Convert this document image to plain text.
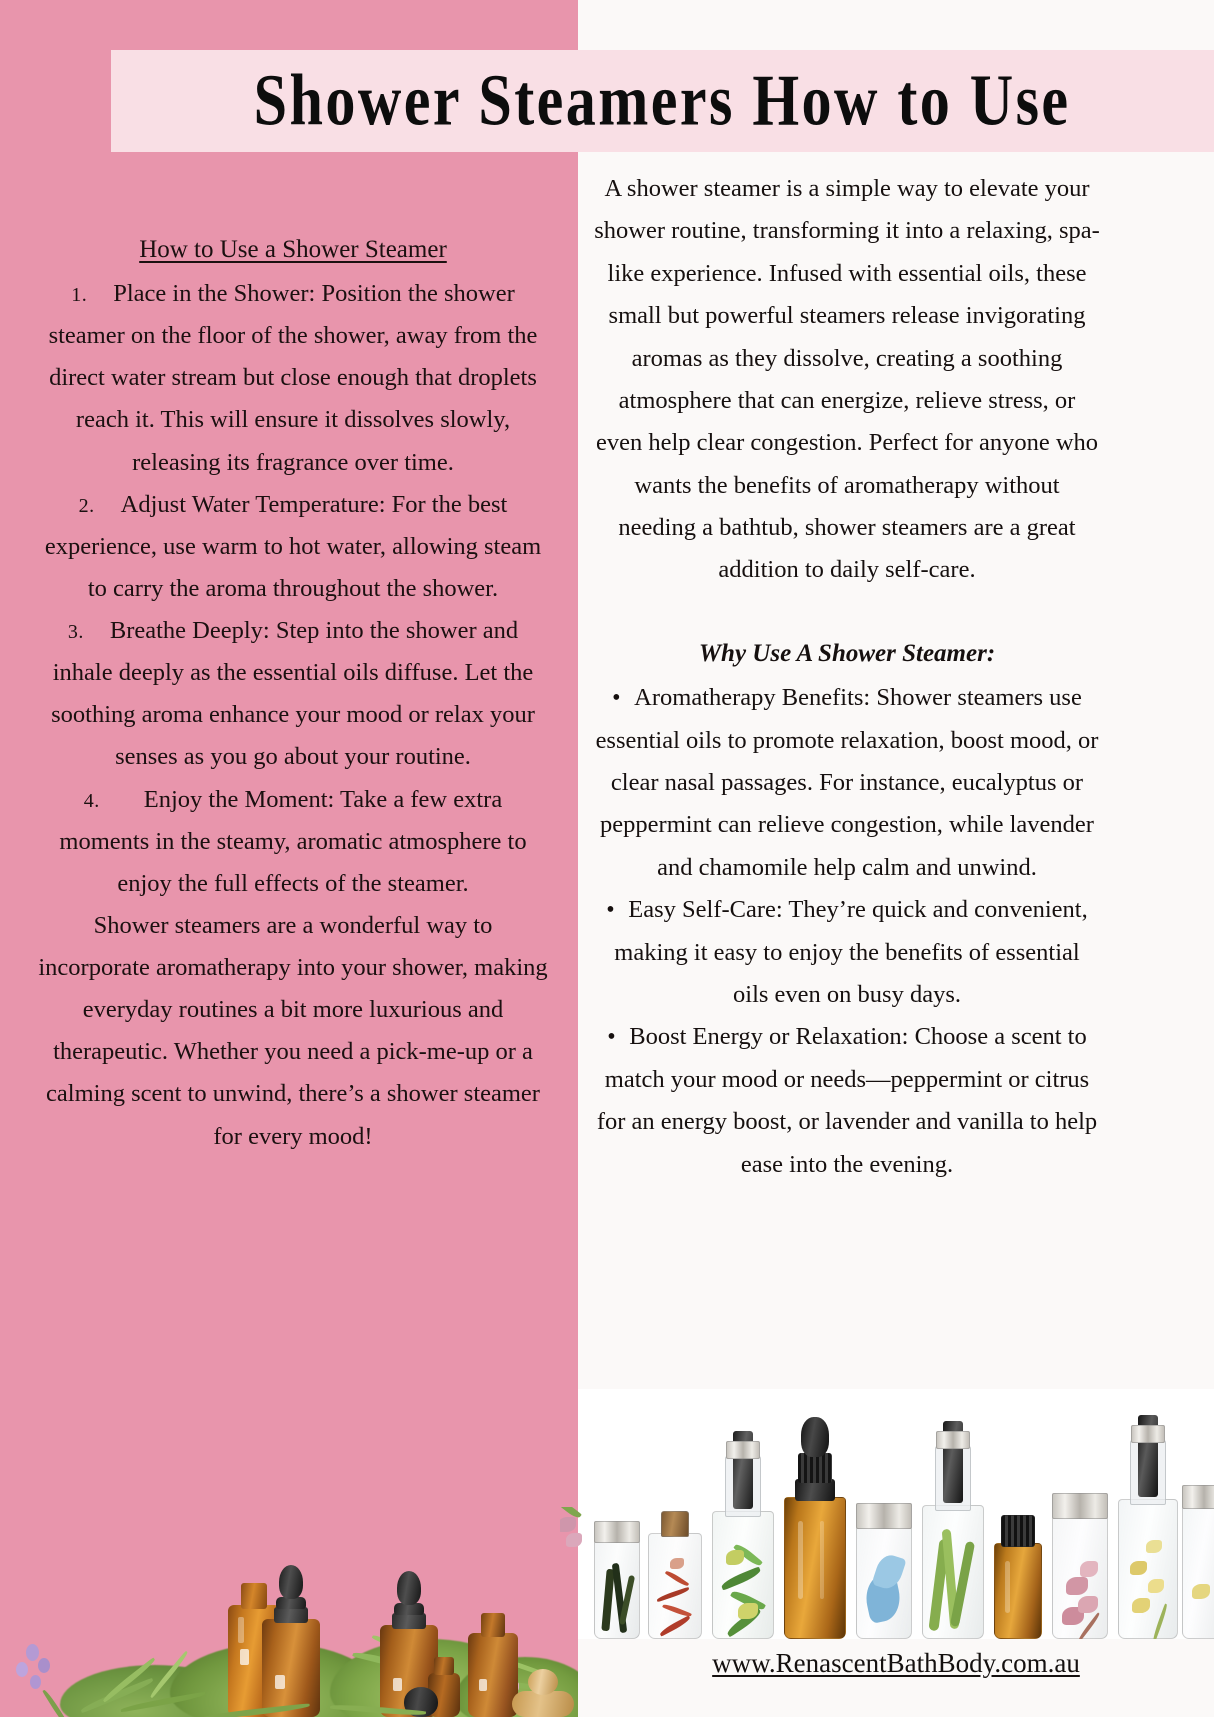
Shower Steamers How to Use
How to Use a Shower Steamer

1. Place in the Shower: Position the shower steamer on the floor of the shower, away from the direct water stream but close enough that droplets reach it. This will ensure it dissolves slowly, releasing its fragrance over time.

2. Adjust Water Temperature: For the best experience, use warm to hot water, allowing steam to carry the aroma throughout the shower.

3. Breathe Deeply: Step into the shower and inhale deeply as the essential oils diffuse. Let the soothing aroma enhance your mood or relax your senses as you go about your routine.

4. Enjoy the Moment: Take a few extra moments in the steamy, aromatic atmosphere to enjoy the full effects of the steamer.

Shower steamers are a wonderful way to incorporate aromatherapy into your shower, making everyday routines a bit more luxurious and therapeutic. Whether you need a pick-me-up or a calming scent to unwind, there’s a shower steamer for every mood!

A shower steamer is a simple way to elevate your shower routine, transforming it into a relaxing, spa-like experience. Infused with essential oils, these small but powerful steamers release invigorating aromas as they dissolve, creating a soothing atmosphere that can energize, relieve stress, or even help clear congestion. Perfect for anyone who wants the benefits of aromatherapy without needing a bathtub, shower steamers are a great addition to daily self-care.

Why Use A Shower Steamer:

• Aromatherapy Benefits: Shower steamers use essential oils to promote relaxation, boost mood, or clear nasal passages. For instance, eucalyptus or peppermint can relieve congestion, while lavender and chamomile help calm and unwind.

• Easy Self-Care: They’re quick and convenient, making it easy to enjoy the benefits of essential oils even on busy days.

• Boost Energy or Relaxation: Choose a scent to match your mood or needs—peppermint or citrus for an energy boost, or lavender and vanilla to help ease into the evening.

www.RenascentBathBody.com.au
